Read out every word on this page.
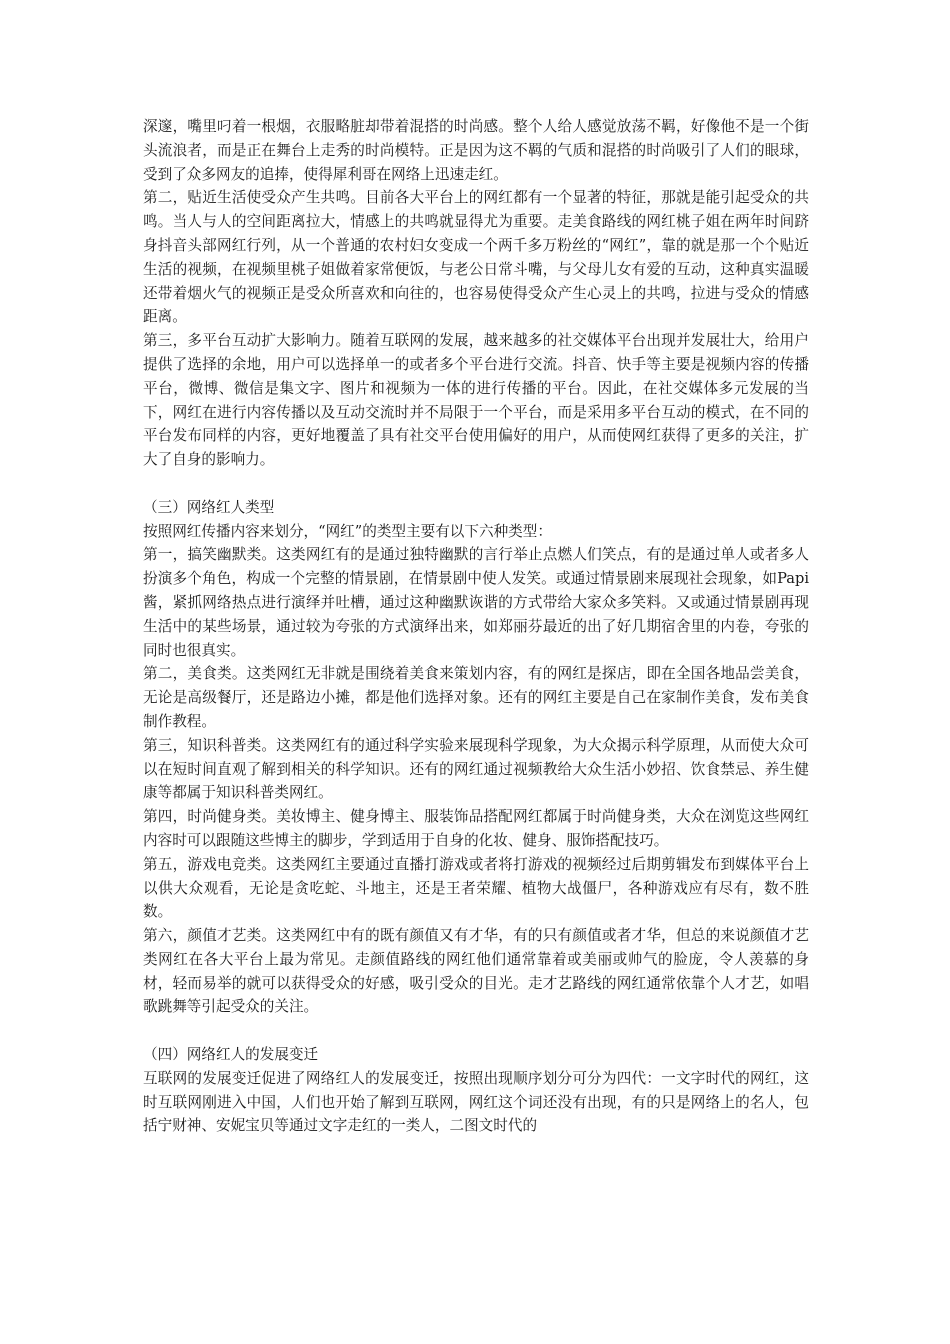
深邃，嘴里叼着一根烟，衣服略脏却带着混搭的时尚感。整个人给人感觉放荡不羁，好像他不是一个街头流浪者，而是正在舞台上走秀的时尚模特。正是因为这不羁的气质和混搭的时尚吸引了人们的眼球，受到了众多网友的追捧，使得犀利哥在网络上迅速走红。

第二，贴近生活使受众产生共鸣。目前各大平台上的网红都有一个显著的特征，那就是能引起受众的共鸣。当人与人的空间距离拉大，情感上的共鸣就显得尤为重要。走美食路线的网红桃子姐在两年时间跻身抖音头部网红行列，从一个普通的农村妇女变成一个两千多万粉丝的“网红”，靠的就是那一个个贴近生活的视频，在视频里桃子姐做着家常便饭，与老公日常斗嘴，与父母儿女有爱的互动，这种真实温暖还带着烟火气的视频正是受众所喜欢和向往的，也容易使得受众产生心灵上的共鸣，拉进与受众的情感距离。

第三，多平台互动扩大影响力。随着互联网的发展，越来越多的社交媒体平台出现并发展壮大，给用户提供了选择的余地，用户可以选择单一的或者多个平台进行交流。抖音、快手等主要是视频内容的传播平台，微博、微信是集文字、图片和视频为一体的进行传播的平台。因此，在社交媒体多元发展的当下，网红在进行内容传播以及互动交流时并不局限于一个平台，而是采用多平台互动的模式，在不同的平台发布同样的内容，更好地覆盖了具有社交平台使用偏好的用户，从而使网红获得了更多的关注，扩大了自身的影响力。

（三）网络红人类型

按照网红传播内容来划分，“网红”的类型主要有以下六种类型：

第一，搞笑幽默类。这类网红有的是通过独特幽默的言行举止点燃人们笑点，有的是通过单人或者多人扮演多个角色，构成一个完整的情景剧，在情景剧中使人发笑。或通过情景剧来展现社会现象，如Papi酱，紧抓网络热点进行演绎并吐槽，通过这种幽默诙谐的方式带给大家众多笑料。又或通过情景剧再现生活中的某些场景，通过较为夸张的方式演绎出来，如郑丽芬最近的出了好几期宿舍里的内卷，夸张的同时也很真实。

第二，美食类。这类网红无非就是围绕着美食来策划内容，有的网红是探店，即在全国各地品尝美食，无论是高级餐厅，还是路边小摊，都是他们选择对象。还有的网红主要是自己在家制作美食，发布美食制作教程。

第三，知识科普类。这类网红有的通过科学实验来展现科学现象，为大众揭示科学原理，从而使大众可以在短时间直观了解到相关的科学知识。还有的网红通过视频教给大众生活小妙招、饮食禁忌、养生健康等都属于知识科普类网红。

第四，时尚健身类。美妆博主、健身博主、服装饰品搭配网红都属于时尚健身类，大众在浏览这些网红内容时可以跟随这些博主的脚步，学到适用于自身的化妆、健身、服饰搭配技巧。

第五，游戏电竞类。这类网红主要通过直播打游戏或者将打游戏的视频经过后期剪辑发布到媒体平台上以供大众观看，无论是贪吃蛇、斗地主，还是王者荣耀、植物大战僵尸，各种游戏应有尽有，数不胜数。

第六，颜值才艺类。这类网红中有的既有颜值又有才华，有的只有颜值或者才华，但总的来说颜值才艺类网红在各大平台上最为常见。走颜值路线的网红他们通常靠着或美丽或帅气的脸庞，令人羡慕的身材，轻而易举的就可以获得受众的好感，吸引受众的目光。走才艺路线的网红通常依靠个人才艺，如唱歌跳舞等引起受众的关注。

（四）网络红人的发展变迁

互联网的发展变迁促进了网络红人的发展变迁，按照出现顺序划分可分为四代：一文字时代的网红，这时互联网刚进入中国，人们也开始了解到互联网，网红这个词还没有出现，有的只是网络上的名人，包括宁财神、安妮宝贝等通过文字走红的一类人，二图文时代的
